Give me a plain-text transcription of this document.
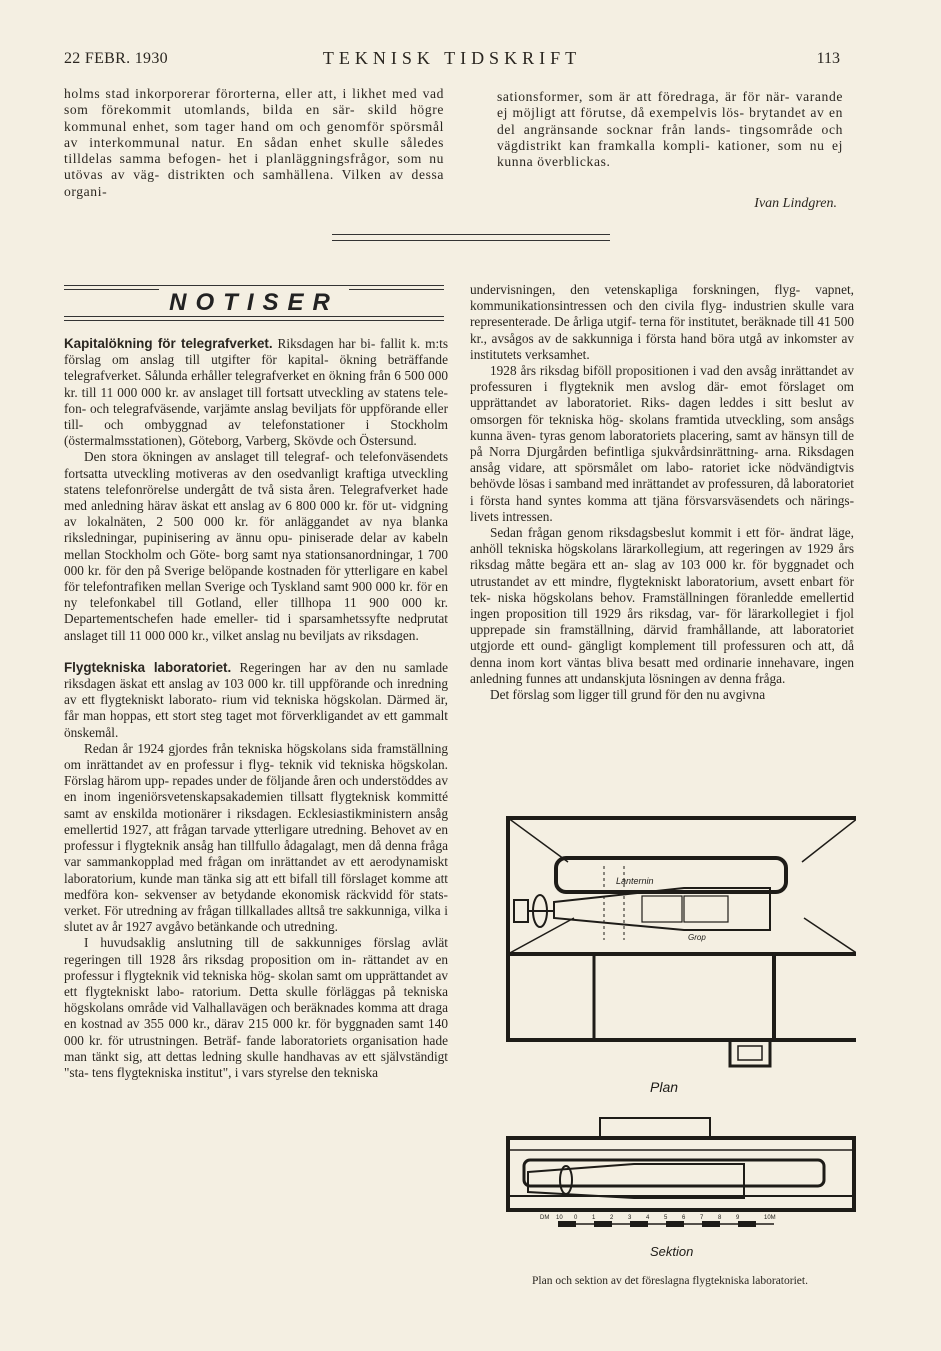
22 FEBR. 1930	TEKNISK TIDSKRIFT	113

holms stad inkorporerar förorterna, eller att, i likhet med vad som förekommit utomlands, bilda en sär- skild högre kommunal enhet, som tager hand om och genomför spörsmål av interkommunal natur. En sådan enhet skulle således tilldelas samma befogen- het i planläggningsfrågor, som nu utövas av väg- distrikten och samhällena. Vilken av dessa organi-

sationsformer, som är att föredraga, är för när- varande ej möjligt att förutse, då exempelvis lös- brytandet av en del angränsande socknar från lands- tingsområde och vägdistrikt kan framkalla kompli- kationer, som nu ej kunna överblickas.

Ivan Lindgren.
NOTISER

Kapitalökning för telegrafverket. Riksdagen har bi- fallit k. m:ts förslag om anslag till utgifter för kapital- ökning beträffande telegrafverket. Sålunda erhåller telegrafverket en ökning från 6 500 000 kr. till 11 000 000 kr. av anslaget till fortsatt utveckling av statens tele- fon- och telegrafväsende, varjämte anslag beviljats för uppförande eller till- och ombyggnad av telefonstationer i Stockholm (östermalmsstationen), Göteborg, Varberg, Skövde och Östersund.

Den stora ökningen av anslaget till telegraf- och telefonväsendets fortsatta utveckling motiveras av den osedvanligt kraftiga utveckling statens telefonrörelse undergått de två sista åren. Telegrafverket hade med anledning härav äskat ett anslag av 6 800 000 kr. för ut- vidgning av lokalnäten, 2 500 000 kr. för anläggandet av nya blanka riksledningar, pupinisering av ännu opu- piniserade delar av kabeln mellan Stockholm och Göte- borg samt nya stationsanordningar, 1 700 000 kr. för den på Sverige belöpande kostnaden för ytterligare en kabel för telefontrafiken mellan Sverige och Tyskland samt 900 000 kr. för en ny telefonkabel till Gotland, eller tillhopa 11 900 000 kr. Departementschefen hade emeller- tid i sparsamhetssyfte nedprutat anslaget till 11 000 000 kr., vilket anslag nu beviljats av riksdagen.

Flygtekniska laboratoriet. Regeringen har av den nu samlade riksdagen äskat ett anslag av 103 000 kr. till uppförande och inredning av ett flygtekniskt laborato- rium vid tekniska högskolan. Därmed är, får man hoppas, ett stort steg taget mot förverkligandet av ett gammalt önskemål.

Redan år 1924 gjordes från tekniska högskolans sida framställning om inrättandet av en professur i flyg- teknik vid tekniska högskolan. Förslag härom upp- repades under de följande åren och understöddes av en inom ingeniörsvetenskapsakademien tillsatt flygteknisk kommitté samt av enskilda motionärer i riksdagen. Ecklesiastikministern ansåg emellertid 1927, att frågan tarvade ytterligare utredning. Behovet av en professur i flygteknik ansåg han tillfullo ådagalagt, men då denna fråga var sammankopplad med frågan om inrättandet av ett aerodynamiskt laboratorium, kunde man tänka sig att ett bifall till förslaget komme att medföra kon- sekvenser av betydande ekonomisk räckvidd för stats- verket. För utredning av frågan tillkallades alltså tre sakkunniga, vilka i slutet av år 1927 avgåvo betänkande och utredning.

I huvudsaklig anslutning till de sakkunniges förslag avlät regeringen till 1928 års riksdag proposition om in- rättandet av en professur i flygteknik vid tekniska hög- skolan samt om upprättandet av ett flygtekniskt labo- ratorium. Detta skulle förläggas på tekniska högskolans område vid Valhallavägen och beräknades komma att draga en kostnad av 355 000 kr., därav 215 000 kr. för byggnaden samt 140 000 kr. för utrustningen. Beträf- fande laboratoriets organisation hade man tänkt sig, att dettas ledning skulle handhavas av ett självständigt "sta- tens flygtekniska institut", i vars styrelse den tekniska

undervisningen, den vetenskapliga forskningen, flyg- vapnet, kommunikationsintressen och den civila flyg- industrien skulle vara representerade. De årliga utgif- terna för institutet, beräknade till 41 500 kr., avsågos av de sakkunniga i första hand böra utgå av inkomster av institutets verksamhet.

1928 års riksdag biföll propositionen i vad den avsåg inrättandet av professuren i flygteknik men avslog där- emot förslaget om upprättandet av laboratoriet. Riks- dagen leddes i sitt beslut av omsorgen för tekniska hög- skolans framtida utveckling, som ansågs kunna även- tyras genom laboratoriets placering, samt av hänsyn till de på Norra Djurgården befintliga sjukvårdsinrättning- arna. Riksdagen ansåg vidare, att spörsmålet om labo- ratoriet icke nödvändigtvis behövde lösas i samband med inrättandet av professuren, då laboratoriet i första hand syntes komma att tjäna försvarsväsendets och närings- livets intressen.

Sedan frågan genom riksdagsbeslut kommit i ett för- ändrat läge, anhöll tekniska högskolans lärarkollegium, att regeringen av 1929 års riksdag måtte begära ett an- slag av 103 000 kr. för byggnadet och utrustandet av ett mindre, flygtekniskt laboratorium, avsett enbart för tek- niska högskolans behov. Framställningen föranledde emellertid ingen proposition till 1929 års riksdag, var- för lärarkollegiet i fjol upprepade sin framställning, därvid framhållande, att laboratoriet utgjorde ett ound- gängligt komplement till professuren och att, då denna inom kort väntas bliva besatt med ordinarie innehavare, ingen anledning funnes att undanskjuta lösningen av denna fråga.

Det förslag som ligger till grund för den nu avgivna

Lanternin
Grop
Plan
Sektion
DM 10 0 1 2 3 4 5 6 7 8 9	10M
Plan och sektion av det föreslagna flygtekniska laboratoriet.
